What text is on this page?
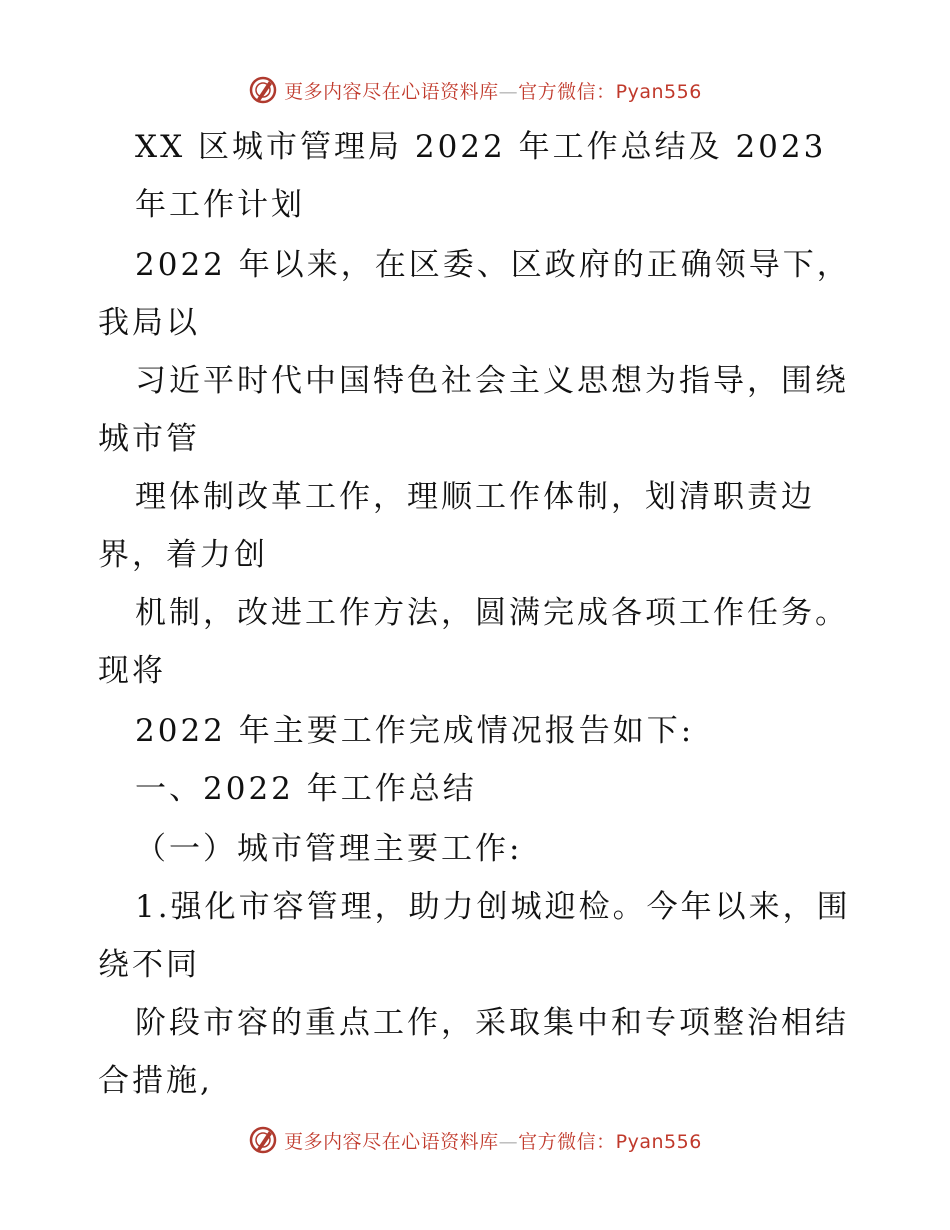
更多内容尽在心语资料库—官方微信：Pyan556
XX 区城市管理局 2022 年工作总结及 2023
年工作计划
2022 年以来，在区委、区政府的正确领导下，
我局以
习近平时代中国特色社会主义思想为指导，围绕
城市管
理体制改革工作，理顺工作体制，划清职责边
界，着力创
机制，改进工作方法，圆满完成各项工作任务。
现将
2022 年主要工作完成情况报告如下:
一、2022 年工作总结
（一）城市管理主要工作:
1.强化市容管理，助力创城迎检。今年以来，围
绕不同
阶段市容的重点工作，采取集中和专项整治相结
合措施,
更多内容尽在心语资料库—官方微信：Pyan556
